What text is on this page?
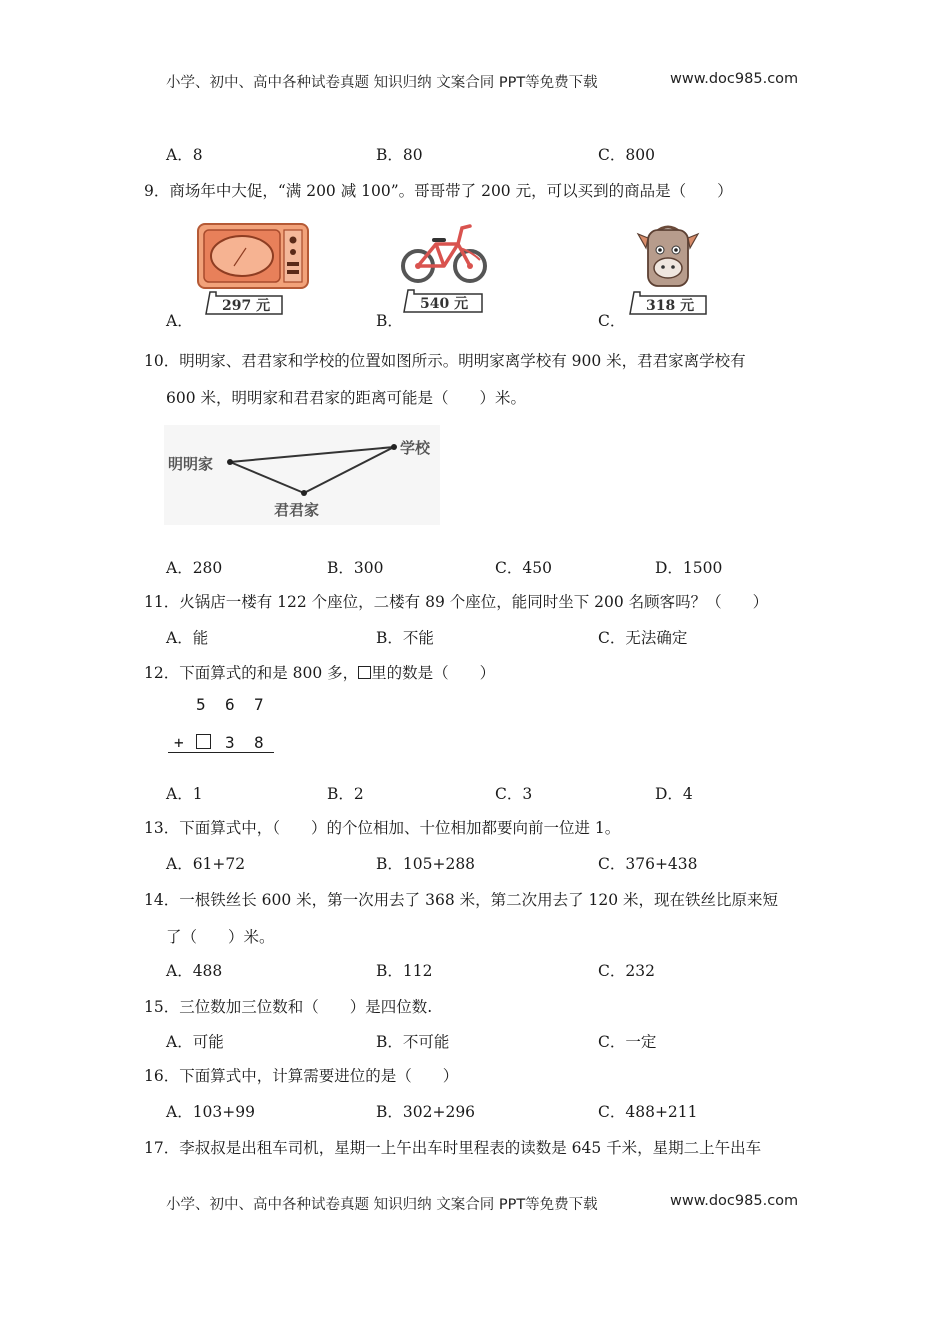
小学、初中、高中各种试卷真题 知识归纳 文案合同 PPT等免费下载	www.doc985.com
A．8	B．80	C．800
9．商场年中大促，“满 200 减 100”。哥哥带了 200 元，可以买到的商品是（　　）
297 元	540 元	318 元
A．	B．	C．
10．明明家、君君家和学校的位置如图所示。明明家离学校有 900 米，君君家离学校有
600 米，明明家和君君家的距离可能是（　　）米。
明明家
学校
君君家
A．280	B．300	C．450	D．1500
11．火锅店一楼有 122 个座位，二楼有 89 个座位，能同时坐下 200 名顾客吗？（　　）
A．能	B．不能	C．无法确定
12．下面算式的和是 800 多， 里的数是（　　）
5 6 7
+	3 8
A．1	B．2	C．3	D．4
13．下面算式中，（　　）的个位相加、十位相加都要向前一位进 1。
A．61+72	B．105+288	C．376+438
14．一根铁丝长 600 米，第一次用去了 368 米，第二次用去了 120 米，现在铁丝比原来短
了（　　）米。
A．488	B．112	C．232
15．三位数加三位数和（　　）是四位数.
A．可能	B．不可能	C．一定
16．下面算式中，计算需要进位的是（　　）
A．103+99	B．302+296	C．488+211
17．李叔叔是出租车司机，星期一上午出车时里程表的读数是 645 千米，星期二上午出车
小学、初中、高中各种试卷真题 知识归纳 文案合同 PPT等免费下载	www.doc985.com
